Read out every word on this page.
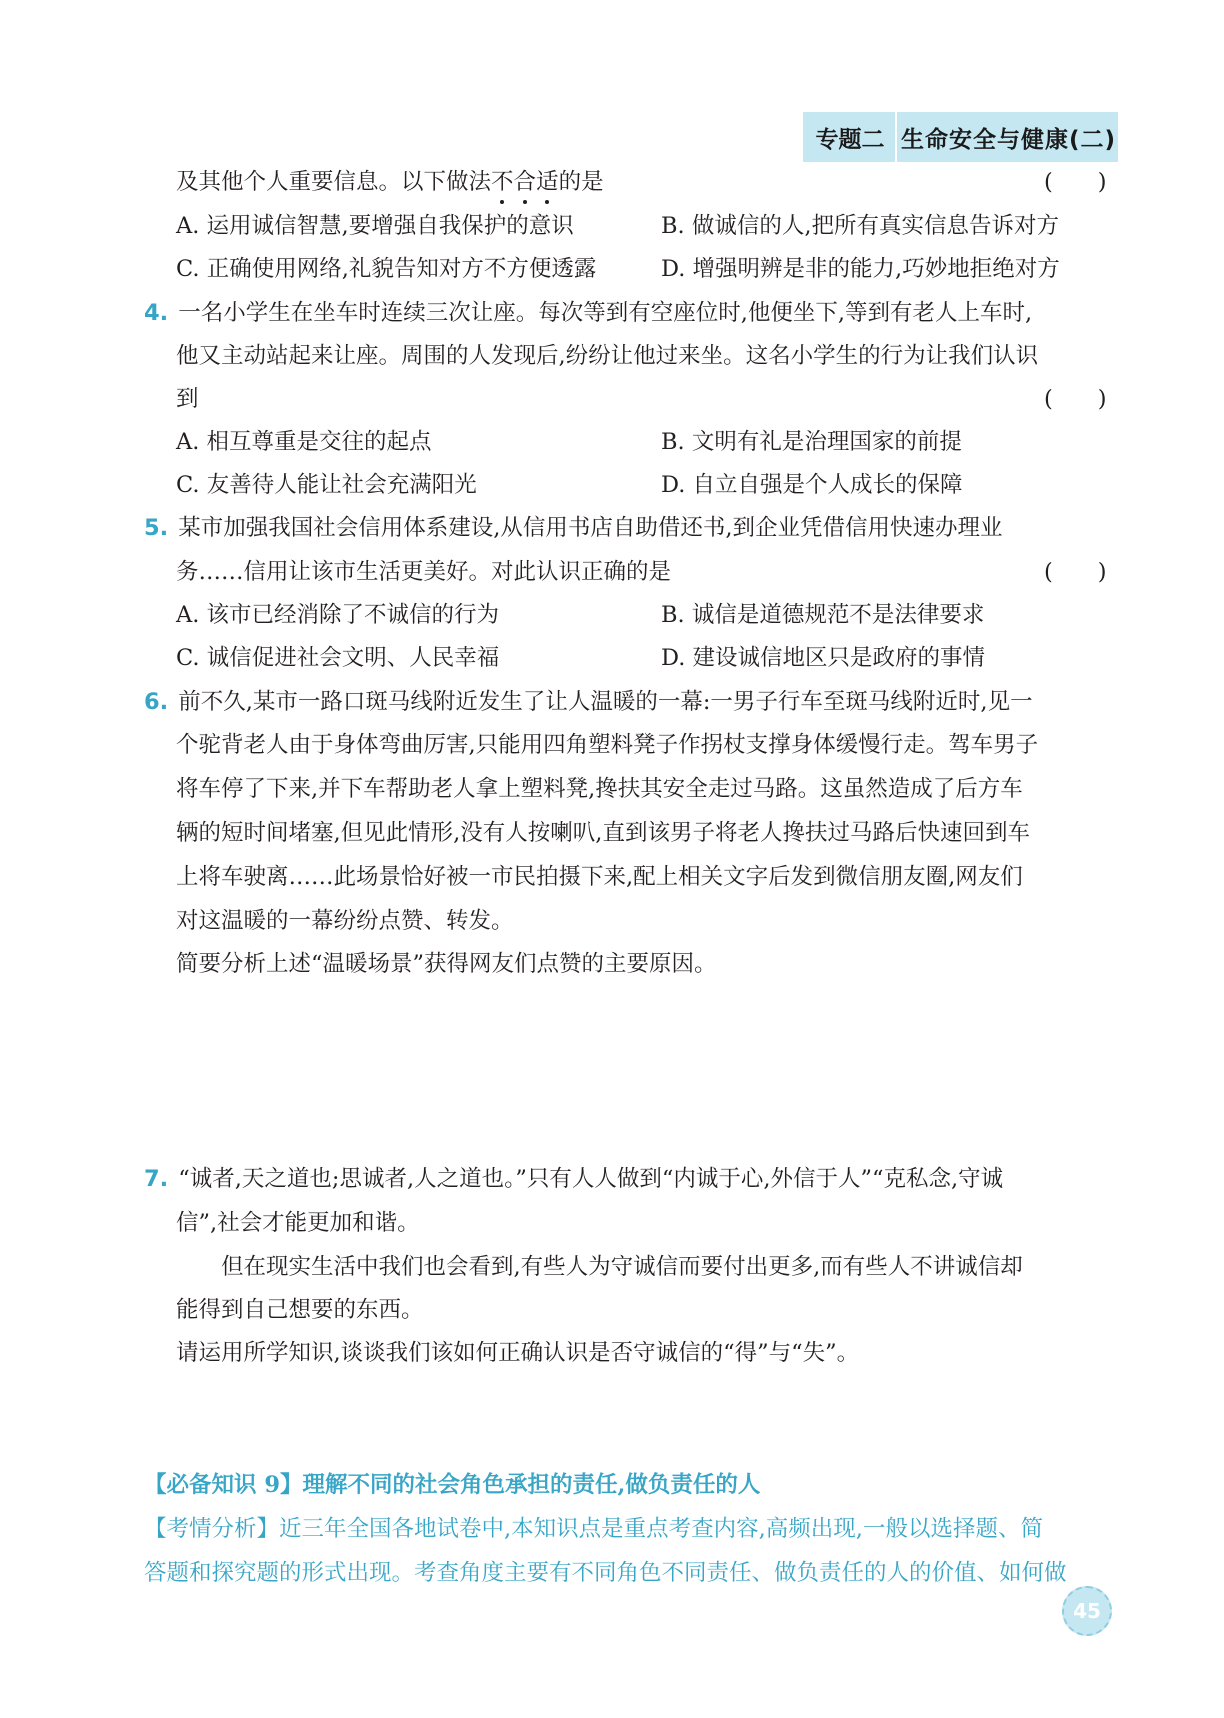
专题二 生命安全与健康(二)
及其他个人重要信息。以下做法不合适的是	(　　)
A. 运用诚信智慧,要增强自我保护的意识	B. 做诚信的人,把所有真实信息告诉对方
C. 正确使用网络,礼貌告知对方不方便透露	D. 增强明辨是非的能力,巧妙地拒绝对方
4. 一名小学生在坐车时连续三次让座。每次等到有空座位时,他便坐下,等到有老人上车时,
他又主动站起来让座。周围的人发现后,纷纷让他过来坐。这名小学生的行为让我们认识
到	(　　)
A. 相互尊重是交往的起点	B. 文明有礼是治理国家的前提
C. 友善待人能让社会充满阳光	D. 自立自强是个人成长的保障
5. 某市加强我国社会信用体系建设,从信用书店自助借还书,到企业凭借信用快速办理业
务……信用让该市生活更美好。对此认识正确的是	(　　)
A. 该市已经消除了不诚信的行为	B. 诚信是道德规范不是法律要求
C. 诚信促进社会文明、人民幸福	D. 建设诚信地区只是政府的事情
6. 前不久,某市一路口斑马线附近发生了让人温暖的一幕:一男子行车至斑马线附近时,见一
个驼背老人由于身体弯曲厉害,只能用四角塑料凳子作拐杖支撑身体缓慢行走。驾车男子
将车停了下来,并下车帮助老人拿上塑料凳,搀扶其安全走过马路。这虽然造成了后方车
辆的短时间堵塞,但见此情形,没有人按喇叭,直到该男子将老人搀扶过马路后快速回到车
上将车驶离……此场景恰好被一市民拍摄下来,配上相关文字后发到微信朋友圈,网友们
对这温暖的一幕纷纷点赞、转发。
简要分析上述“温暖场景”获得网友们点赞的主要原因。
7. “诚者,天之道也;思诚者,人之道也。”只有人人做到“内诚于心,外信于人”“克私念,守诚
信”,社会才能更加和谐。
　　但在现实生活中我们也会看到,有些人为守诚信而要付出更多,而有些人不讲诚信却
能得到自己想要的东西。
请运用所学知识,谈谈我们该如何正确认识是否守诚信的“得”与“失”。
【必备知识 9】理解不同的社会角色承担的责任,做负责任的人
【考情分析】近三年全国各地试卷中,本知识点是重点考查内容,高频出现,一般以选择题、简
答题和探究题的形式出现。考查角度主要有不同角色不同责任、做负责任的人的价值、如何做
45
